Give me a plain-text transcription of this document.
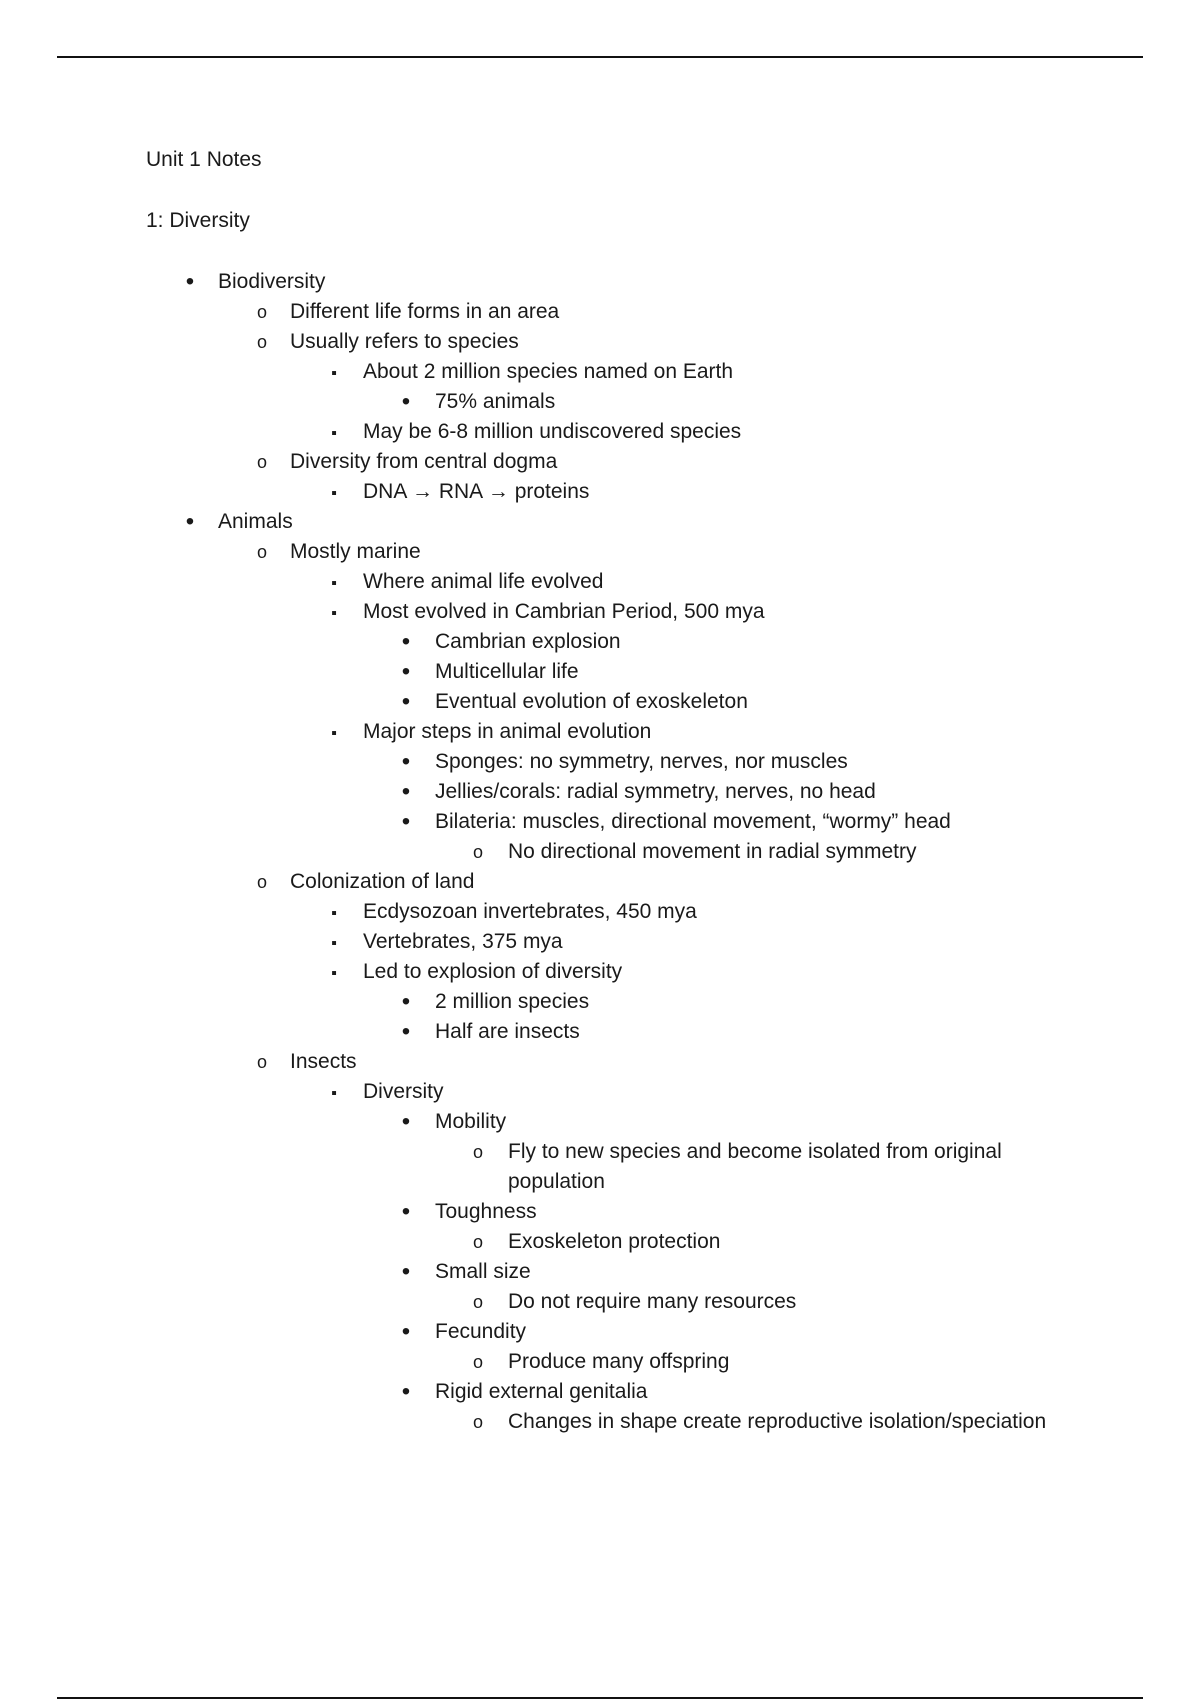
Unit 1 Notes
1: Diversity
•
Biodiversity
o
Different life forms in an area
o
Usually refers to species
▪
About 2 million species named on Earth
•
75% animals
▪
May be 6-8 million undiscovered species
o
Diversity from central dogma
▪
DNA → RNA → proteins
•
Animals
o
Mostly marine
▪
Where animal life evolved
▪
Most evolved in Cambrian Period, 500 mya
•
Cambrian explosion
•
Multicellular life
•
Eventual evolution of exoskeleton
▪
Major steps in animal evolution
•
Sponges: no symmetry, nerves, nor muscles
•
Jellies/corals: radial symmetry, nerves, no head
•
Bilateria: muscles, directional movement, “wormy” head
o
No directional movement in radial symmetry
o
Colonization of land
▪
Ecdysozoan invertebrates, 450 mya
▪
Vertebrates, 375 mya
▪
Led to explosion of diversity
•
2 million species
•
Half are insects
o
Insects
▪
Diversity
•
Mobility
o
Fly to new species and become isolated from original population
•
Toughness
o
Exoskeleton protection
•
Small size
o
Do not require many resources
•
Fecundity
o
Produce many offspring
•
Rigid external genitalia
o
Changes in shape create reproductive isolation/speciation
